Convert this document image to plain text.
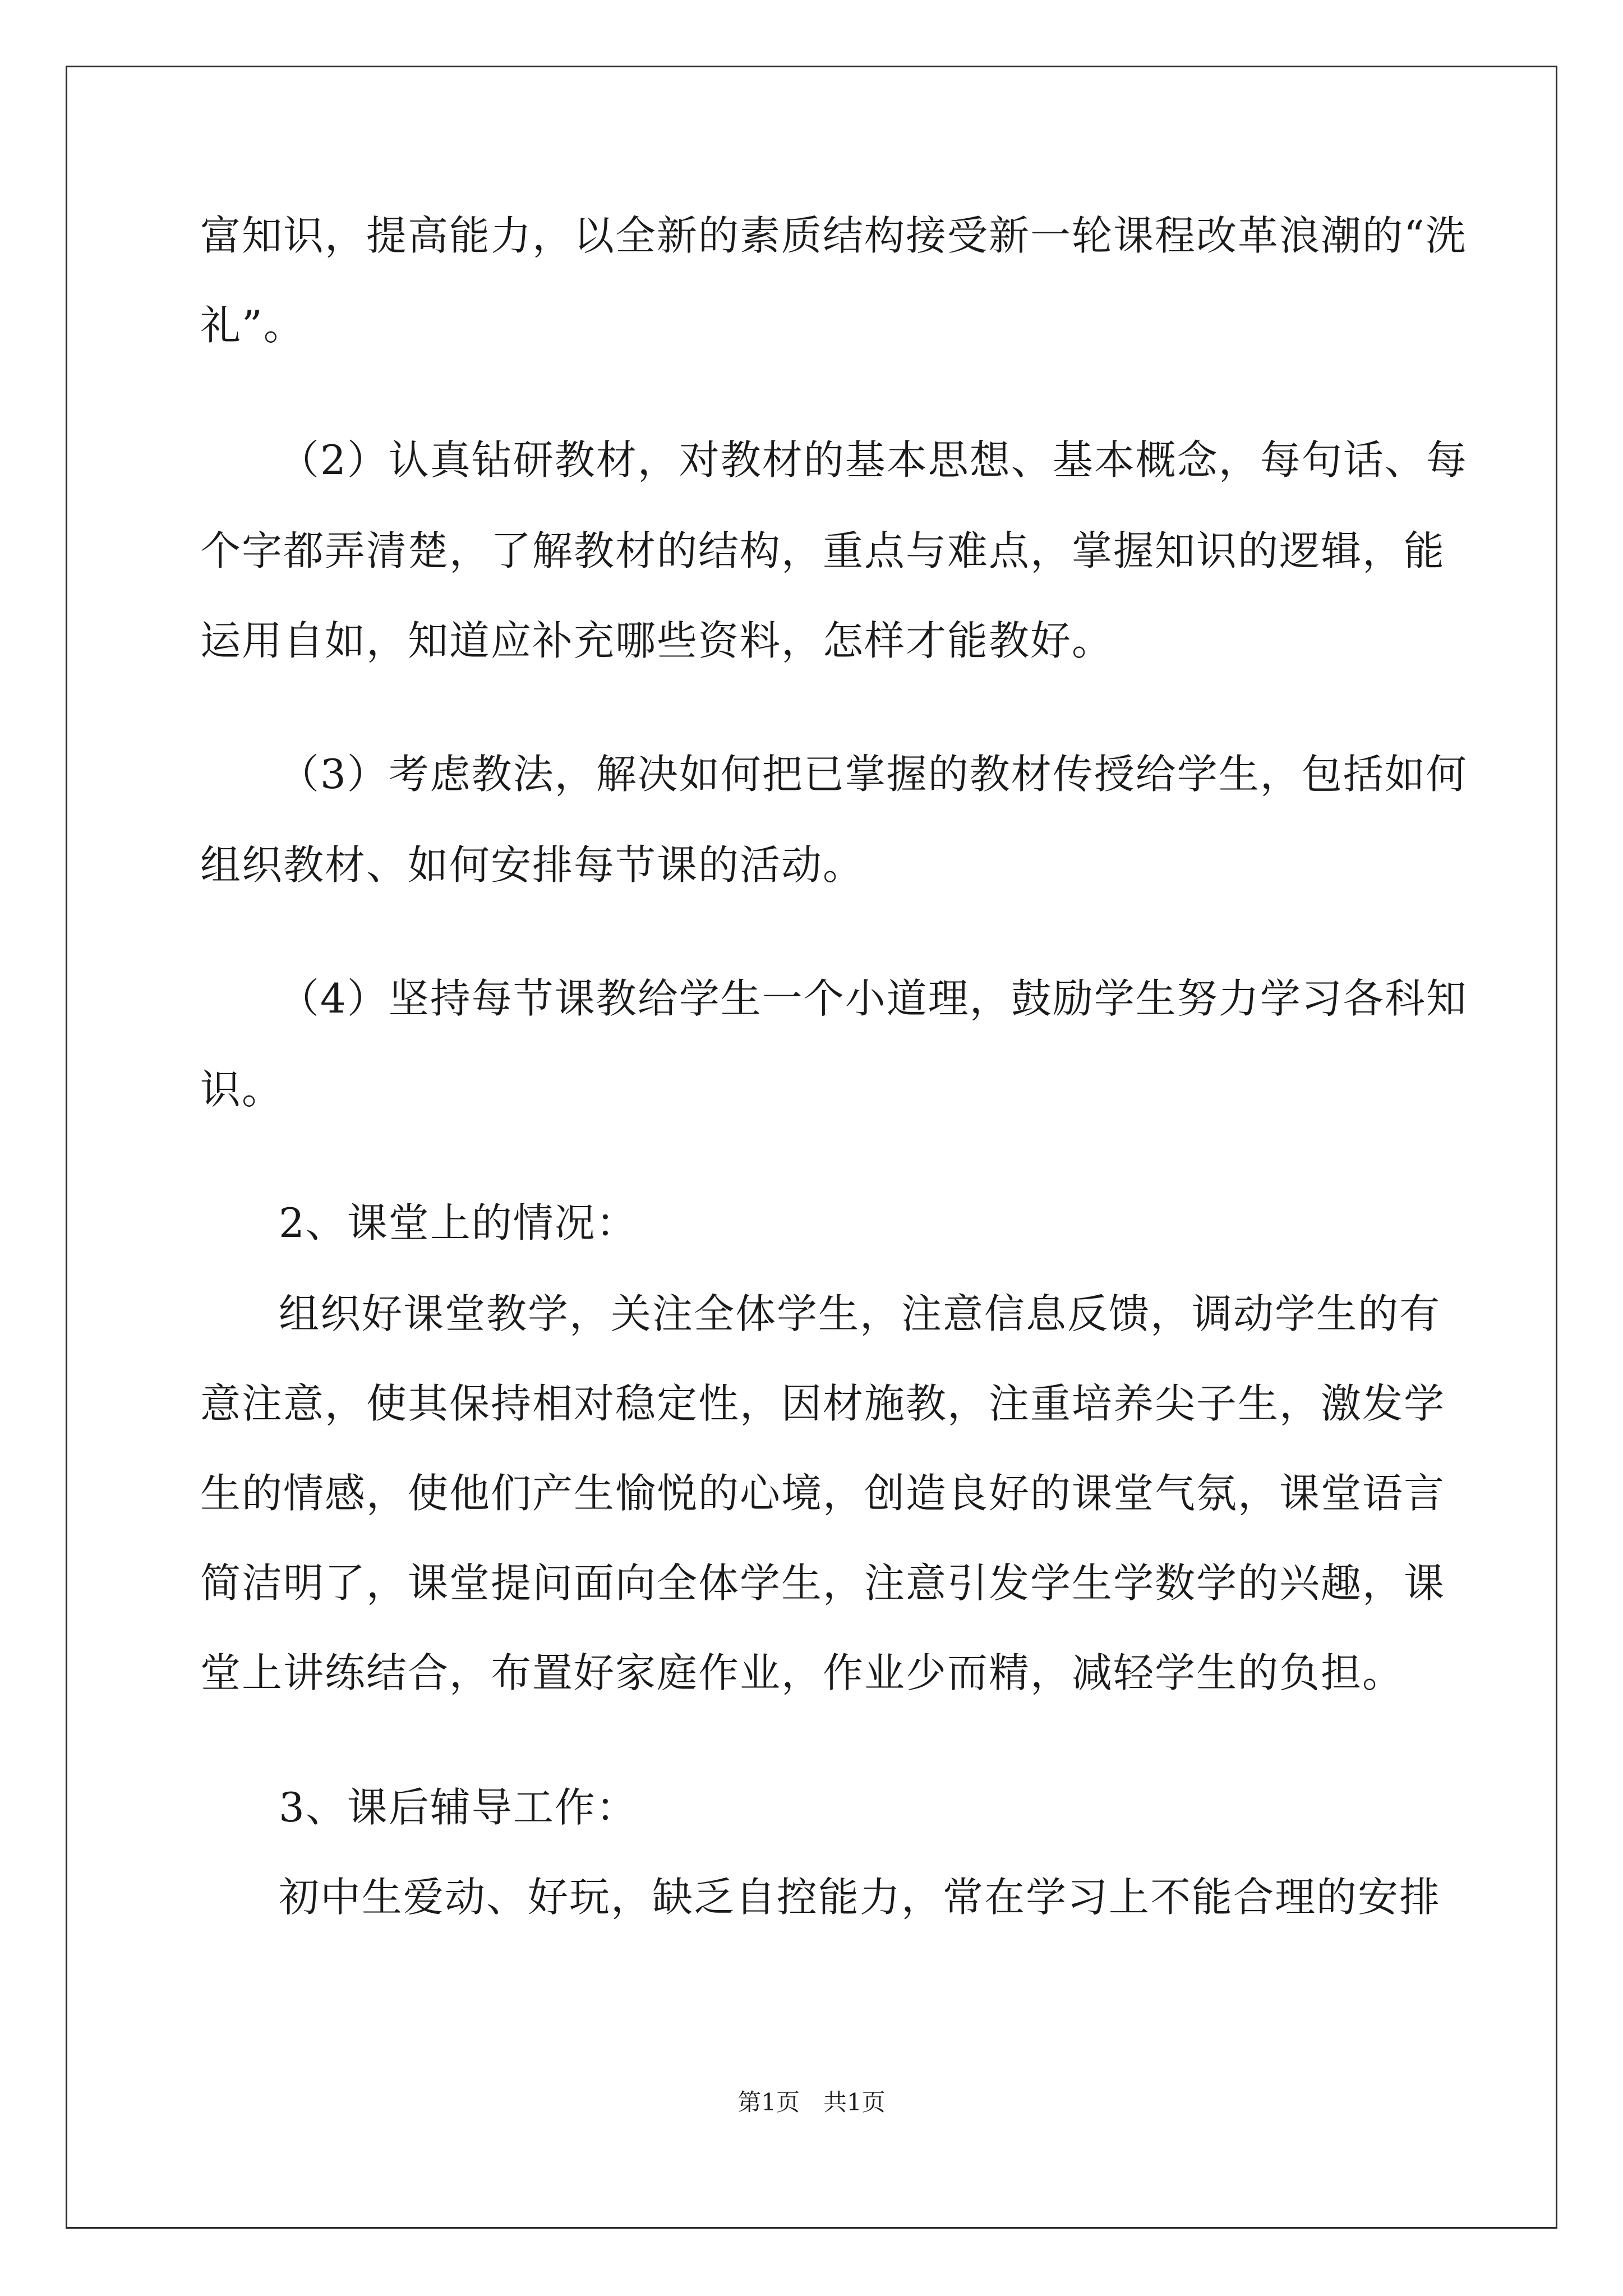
富知识，提高能力，以全新的素质结构接受新一轮课程改革浪潮的“洗
礼”。
（2）认真钻研教材，对教材的基本思想、基本概念，每句话、每
个字都弄清楚，了解教材的结构，重点与难点，掌握知识的逻辑，能
运用自如，知道应补充哪些资料，怎样才能教好。
（3）考虑教法，解决如何把已掌握的教材传授给学生，包括如何
组织教材、如何安排每节课的活动。
（4）坚持每节课教给学生一个小道理，鼓励学生努力学习各科知
识。
2、课堂上的情况：
组织好课堂教学，关注全体学生，注意信息反馈，调动学生的有
意注意，使其保持相对稳定性，因材施教，注重培养尖子生，激发学
生的情感，使他们产生愉悦的心境，创造良好的课堂气氛，课堂语言
简洁明了，课堂提问面向全体学生，注意引发学生学数学的兴趣，课
堂上讲练结合，布置好家庭作业，作业少而精，减轻学生的负担。
3、课后辅导工作：
初中生爱动、好玩，缺乏自控能力，常在学习上不能合理的安排
第1页　共1页
